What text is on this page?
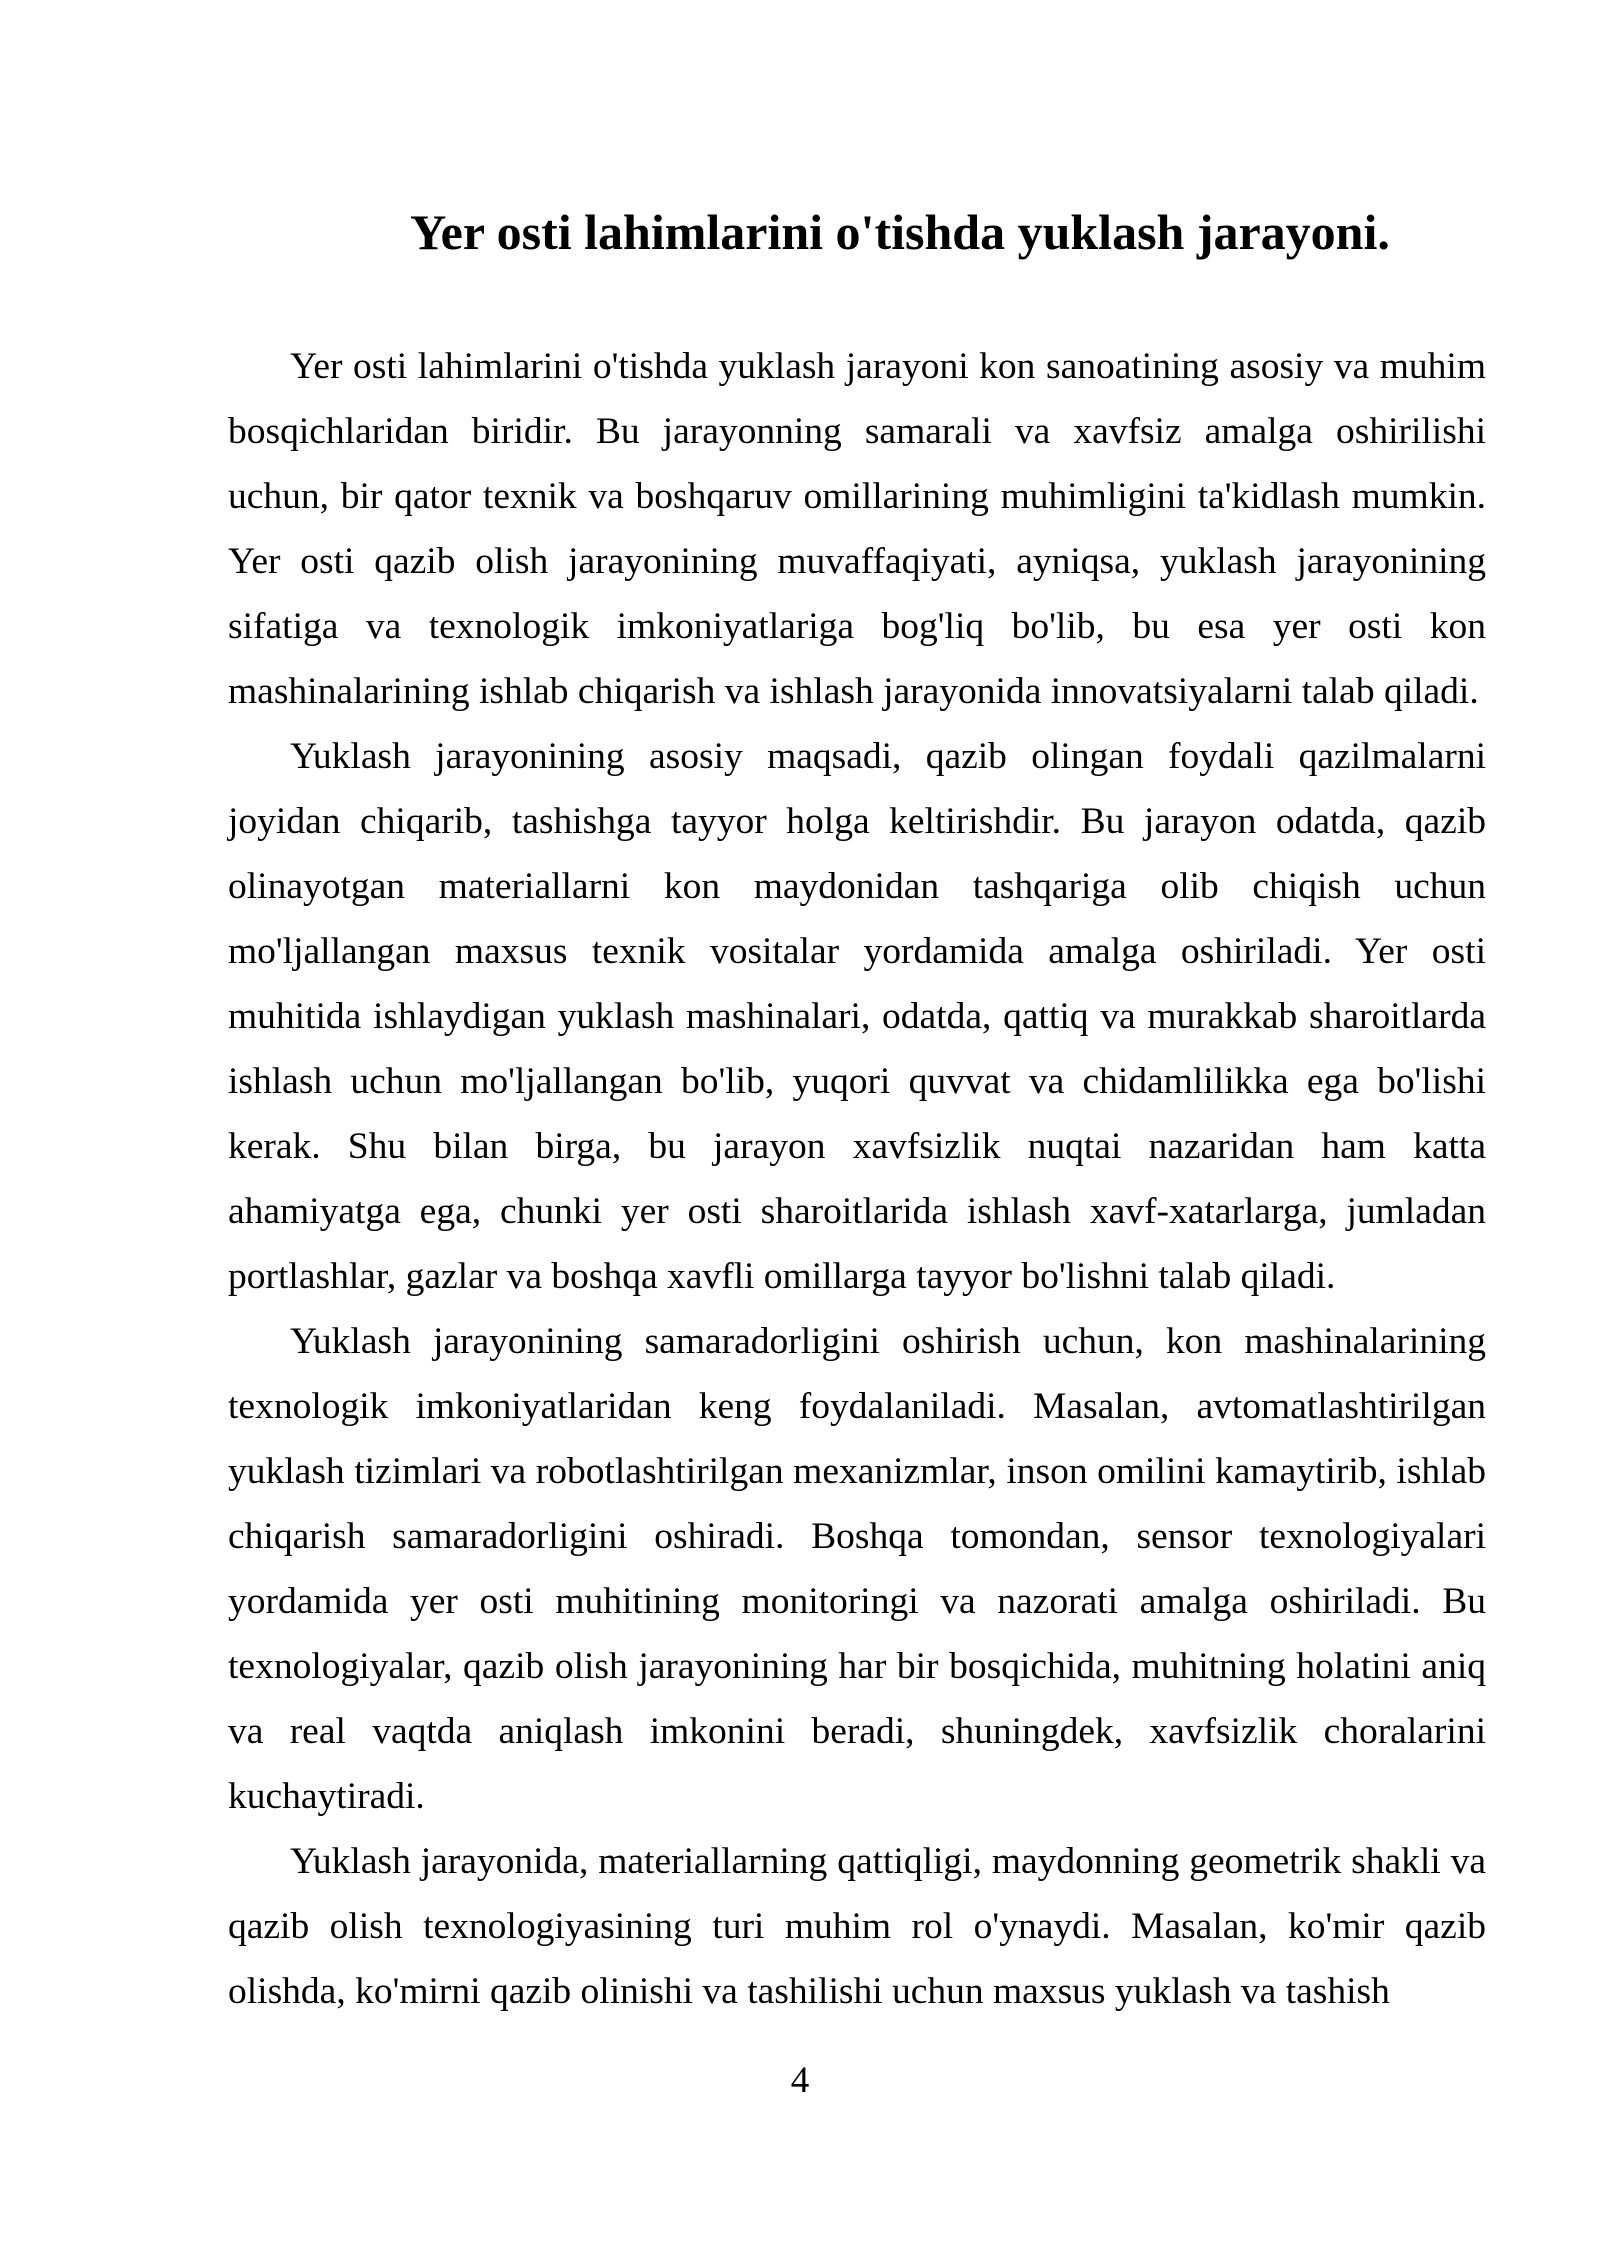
Yer osti lahimlarini o'tishda yuklash jarayoni.

Yer osti lahimlarini o'tishda yuklash jarayoni kon sanoatining asosiy va muhim bosqichlaridan biridir. Bu jarayonning samarali va xavfsiz amalga oshirilishi uchun, bir qator texnik va boshqaruv omillarining muhimligini ta'kidlash mumkin. Yer osti qazib olish jarayonining muvaffaqiyati, ayniqsa, yuklash jarayonining sifatiga va texnologik imkoniyatlariga bog'liq bo'lib, bu esa yer osti kon mashinalarining ishlab chiqarish va ishlash jarayonida innovatsiyalarni talab qiladi.

Yuklash jarayonining asosiy maqsadi, qazib olingan foydali qazilmalarni joyidan chiqarib, tashishga tayyor holga keltirishdir. Bu jarayon odatda, qazib olinayotgan materiallarni kon maydonidan tashqariga olib chiqish uchun mo'ljallangan maxsus texnik vositalar yordamida amalga oshiriladi. Yer osti muhitida ishlaydigan yuklash mashinalari, odatda, qattiq va murakkab sharoitlarda ishlash uchun mo'ljallangan bo'lib, yuqori quvvat va chidamlilikka ega bo'lishi kerak. Shu bilan birga, bu jarayon xavfsizlik nuqtai nazaridan ham katta ahamiyatga ega, chunki yer osti sharoitlarida ishlash xavf-xatarlarga, jumladan portlashlar, gazlar va boshqa xavfli omillarga tayyor bo'lishni talab qiladi.

Yuklash jarayonining samaradorligini oshirish uchun, kon mashinalarining texnologik imkoniyatlaridan keng foydalaniladi. Masalan, avtomatlashtirilgan yuklash tizimlari va robotlashtirilgan mexanizmlar, inson omilini kamaytirib, ishlab chiqarish samaradorligini oshiradi. Boshqa tomondan, sensor texnologiyalari yordamida yer osti muhitining monitoringi va nazorati amalga oshiriladi. Bu texnologiyalar, qazib olish jarayonining har bir bosqichida, muhitning holatini aniq va real vaqtda aniqlash imkonini beradi, shuningdek, xavfsizlik choralarini kuchaytiradi.

Yuklash jarayonida, materiallarning qattiqligi, maydonning geometrik shakli va qazib olish texnologiyasining turi muhim rol o'ynaydi. Masalan, ko'mir qazib olishda, ko'mirni qazib olinishi va tashilishi uchun maxsus yuklash va tashish

4
